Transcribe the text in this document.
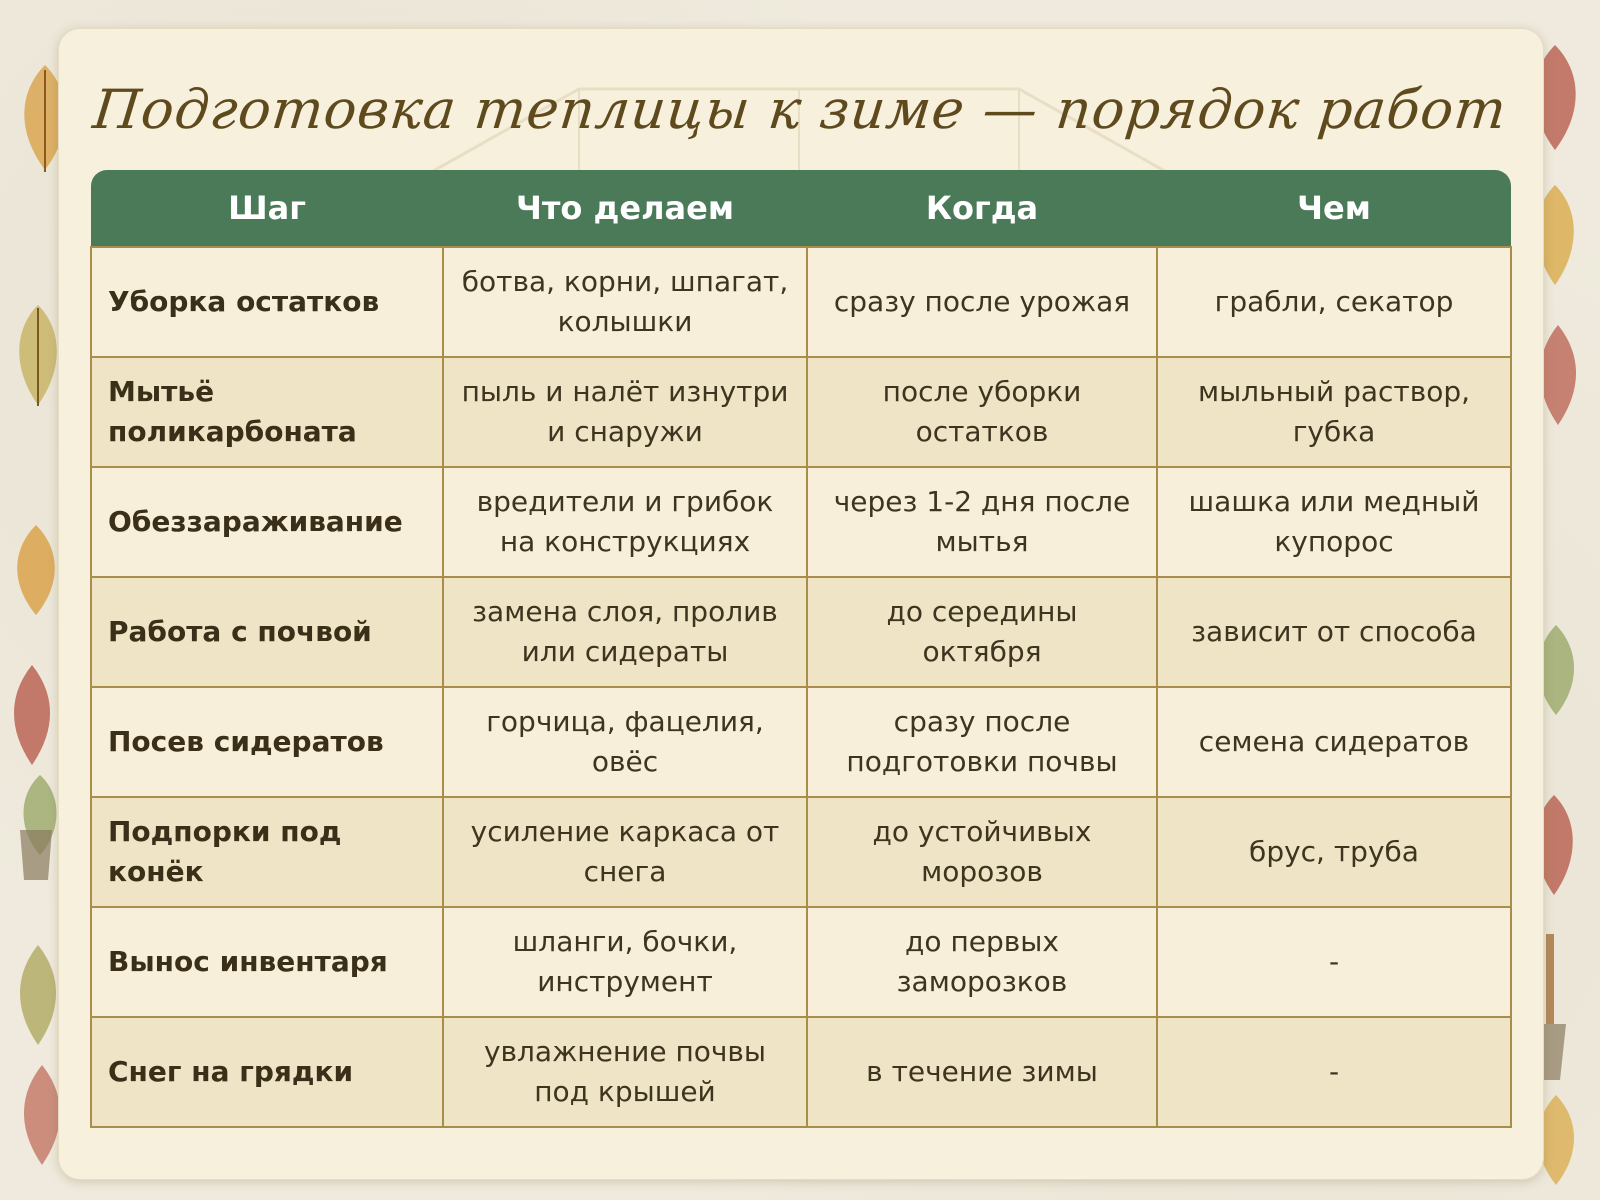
Подготовка теплицы к зиме — порядок работ
Шаг	Что делаем	Когда	Чем
Уборка остатков	ботва, корни, шпагат, колышки	сразу после урожая	грабли, секатор
Мытьё поликарбоната	пыль и налёт изнутри и снаружи	после уборки остатков	мыльный раствор, губка
Обеззараживание	вредители и грибок на конструкциях	через 1-2 дня после мытья	шашка или медный купорос
Работа с почвой	замена слоя, пролив или сидераты	до середины октября	зависит от способа
Посев сидератов	горчица, фацелия, овёс	сразу после подготовки почвы	семена сидератов
Подпорки под конёк	усиление каркаса от снега	до устойчивых морозов	брус, труба
Вынос инвентаря	шланги, бочки, инструмент	до первых заморозков	-
Снег на грядки	увлажнение почвы под крышей	в течение зимы	-
